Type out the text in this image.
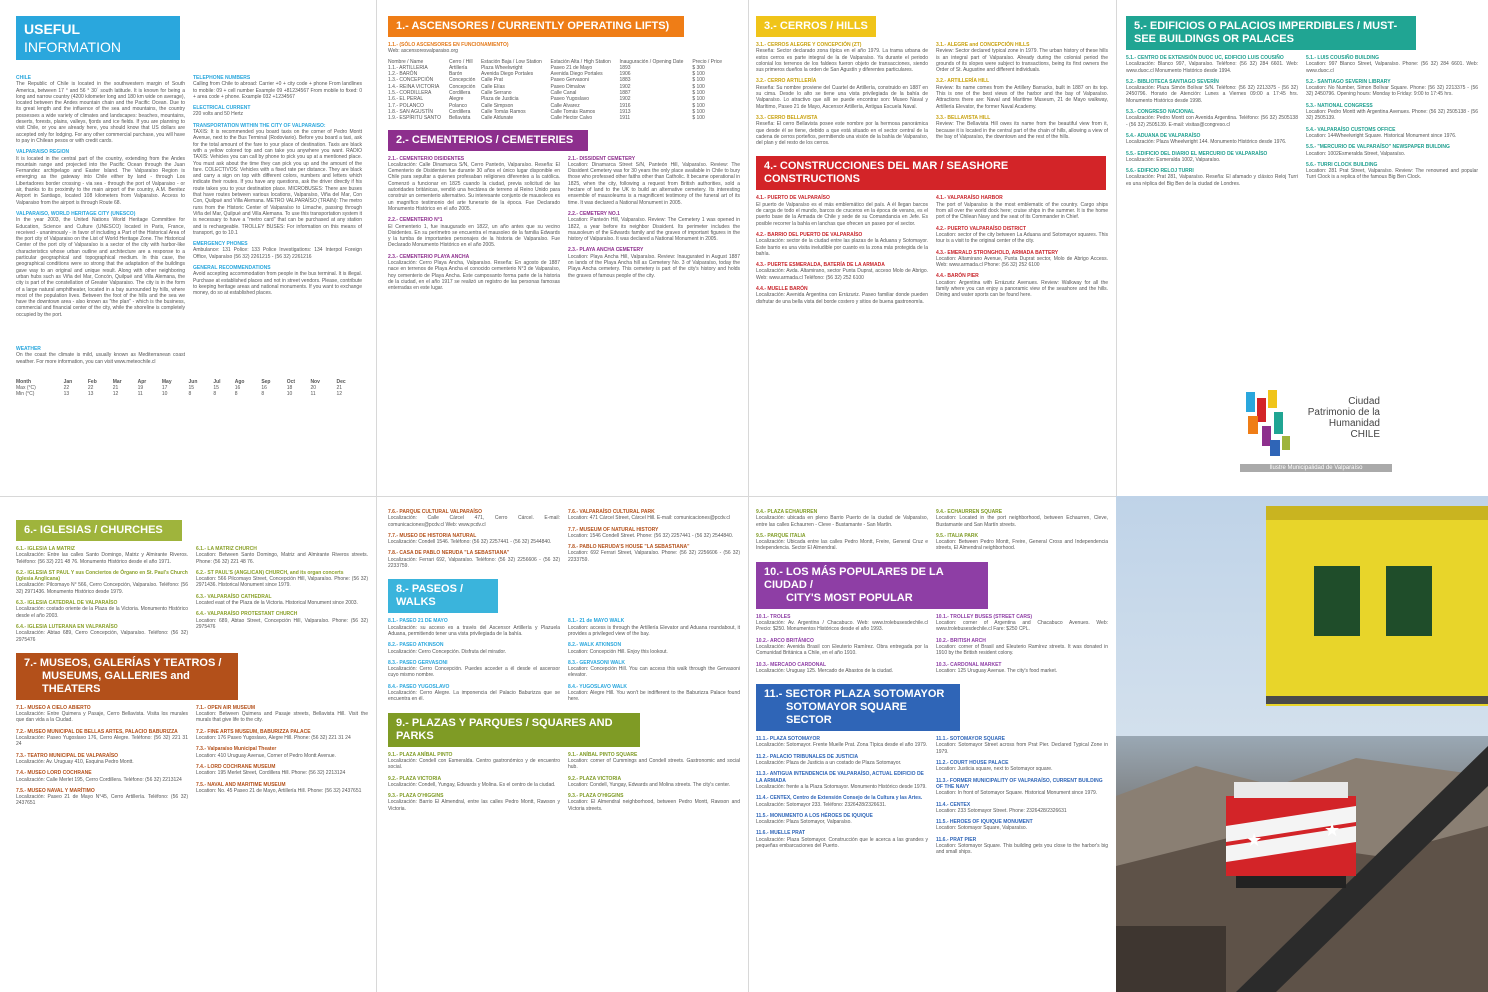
USEFUL INFORMATION
CHILE
The Republic of Chile is located in the southwestern margin of South America, between 17 ° and 56 ° 30´ south latitude. It is known for being a long and narrow country (4200 kilometer long and 180 km wide on average), located between the Andes mountain chain and the Pacific Ocean. Due to its great length and the influence of the sea and mountains, the country possesses a wide variety of climates and landscapes: beaches, mountains, deserts, forests, plains, valleys, fjords and ice fields. If you are planning to visit Chile, or you are already here, you should know that US dollars are accepted only for lodging. For any other commercial purchase, you will have to pay in Chilean pesos or with credit cards.
VALPARAISO REGION
It is located in the central part of the country, extending from the Andes mountain range and projected into the Pacific Ocean through the Juan Fernandez archipelago and Easter Island. The Valparaíso Region is emerging as the gateway into Chile either by land - through Los Libertadores border crossing - via sea - through the port of Valparaiso - or air, thanks to its proximity to the main airport of the country, A.M. Benitez Airport in Santiago, located 108 kilometers from Valparaíso. Access to Valparaiso from the airport is through Route 68.
VALPARAISO, WORLD HERITAGE CITY (UNESCO)
In the year 2003, the United Nations World Heritage Committee for Education, Science and Culture (UNESCO) located in Paris, France, received - unanimously - in favor of including a Part of the Historical Area of the port city of Valparaiso on the List of World Heritage Zone. The Historical Center of the port city of Valparaíso is a sector of the city with harbor-like characteristics whose urban outline and architecture are a response to a particular geographical and topographical medium. In this case, the geographical conditions were so strong that the adaptation of the buildings gave way to an original and unique result. Along with other neighboring urban hubs such as Viña del Mar, Concón, Quilpué and Villa Alemana, the city is part of the constellation of Greater Valparaiso. The city is in the form of a large natural amphitheater, located in a bay surrounded by hills, where most of the population lives. Between the foot of the hills and the sea we have the downtown area - also known as "the plan" - which is the business, commercial and financial center of the city, while the shoreline is completely occupied by the port.
WEATHER
On the coast the climate is mild, usually known as Mediterranean coast weather. For more information, you can visit www.meteochile.cl
TELEPHONE NUMBERS
Calling from Chile to abroad: Carrier +0 + city code + phone From landlines to mobile: 09 + cell number Example 09 +81234567 From mobile to fixed: 0 + area code + phone. Example 032 +1234567
ELECTRICAL CURRENT
220 volts and 50 Hertz
TRANSPORTATION WITHIN THE CITY OF VALPARAISO:
TAXIS: It is recommended you board taxis on the corner of Pedro Montt Avenue, next to the Bus Terminal (Rodoviario). Before you board a taxi, ask for the total amount of the fare to your place of destination. Taxis are black with a yellow colored top and can take you anywhere you want. RADIO TAXIS: Vehicles you can call by phone to pick you up at a mentioned place. You must ask about the time they can pick you up and the amount of the fare. COLECTIVOS: Vehicles with a fixed rate per distance. They are black and carry a sign on top with different colors, numbers and letters which indicate their routes. If you have any questions, ask the driver directly if his route takes you to your destination place. MICROBUSES: There are buses that have routes between various locations, Valparaíso, Viña del Mar, Con Con, Quilpué and Villa Alemana. METRO VALPARAÍSO (TRAIN): The metro runs from the Historic Center of Valparaíso to Limache, passing through Viña del Mar, Quilpué and Villa Alemana. To use this transportation system it is necessary to have a "metro card" that can be purchased at any station and is rechargeable. TROLLEY BUSES: For information on this means of transport, go to 10.1
EMERGENCY PHONES
Ambulance: 131 Police: 133 Police Investigations: 134 Interpol Foreign Office, Valparaíso (56 32) 2261215 - (56 32) 2261216
GENERAL RECOMMENDATIONS
Avoid accepting accommodation from people in the bus terminal. It is illegal. Purchase at established places and not in street vendors. Please, contribute to keeping heritage areas and national monuments. If you want to exchange money, do so at established places.
Month	Jan	Feb	Mar	Apr	May	Jun	Jul	Ago	Sep	Oct	Nov	Dec
Max (°C)	22	22	21	19	17	15	15	16	16	18	20	21
Min (°C)	13	13	12	11	10	8	8	8	8	10	11	12
1.- ASCENSORES / CURRENTLY OPERATING LIFTS)
1.1.- (SÓLO ASCENSORES EN FUNCIONAMIENTO)
Web: ascensoresvalparaiso.org
Nombre / Name	Cerro / Hill	Estación Baja / Low Station	Estación Alta / High Station	Inauguración / Opening Date	Precio / Price
1.1.- ARTILLERIA	Artillería	Plaza Wheelwright	Paseo 21 de Mayo	1893	$ 300
1.2.- BARÓN	Barón	Avenida Diego Portales	Avenida Diego Portales	1906	$ 100
1.3.- CONCEPCIÓN	Concepción	Calle Prat	Paseo Gervasoni	1883	$ 100
1.4.- REINA VICTORIA	Concepción	Calle Elías	Paseo Dimalow	1902	$ 100
1.5.- CORDILLERA	Cordillera	Calle Serrano	Calle Canal	1887	$ 100
1.6.- EL PERAL	Alegre	Plaza de Justicia	Paseo Yugoslavo	1902	$ 100
1.7.- POLANCO	Polanco	Calle Simpson	Calle Alvarez	1916	$ 100
1.8.- SAN AGUSTÍN	Cordillera	Calle Tomás Ramos	Calle Tomás Ramos	1913	$ 100
1.9.- ESPÍRITU SANTO	Bellavista	Calle Aldunate	Calle Hector Calvo	1911	$ 100
2.- CEMENTERIOS / CEMETERIES
2.1.- CEMENTERIO DISIDENTES
Localización: Calle Dinamarca S/N, Cerro Panteón, Valparaíso. Reseña: El Cementerio de Disidentes fue durante 30 años el único lugar disponible en Chile para sepultar a quienes profesaban religiones diferentes a la católica. Comenzó a funcionar en 1825 cuando la ciudad, previa solicitud de las autoridades británicas, vendió una hectárea de terreno al Reino Unido para construir un cementerio alternativo. Su interesante conjunto de mausoleos es un magnífico testimonio del arte funerario de la época. Fue Declarado Monumento Histórico en el año 2005.
2.2.- CEMENTERIO N°1
El Cementerio 1, fue inaugurado en 1822, un año antes que su vecino Disidentes. En su perímetro se encuentra el mausoleo de la familia Edwards y la tumba de importantes personajes de la historia de Valparaíso. Fue Declarado Monumento Histórico en el año 2005.
2.3.- CEMENTERIO PLAYA ANCHA
Localización: Cerro Playa Ancha, Valparaíso. Reseña: En agosto de 1887 nace en terrenos de Playa Ancha el conocido cementerio N°3 de Valparaíso, hoy cementerio de Playa Ancha. Este camposanto forma parte de la historia de la ciudad, en el año 1917 se realizó un registro de las personas famosas enterradas en este lugar.
2.1.- DISSIDENT CEMETERY
Location: Dinamarca Street S/N, Panteón Hill, Valparaíso. Review: The Dissident Cemetery was for 30 years the only place available in Chile to bury those who professed other faiths other than Catholic. It became operational in 1825, when the city, following a request from British authorities, sold a hectare of land to the UK to build an alternative cemetery. Its interesting ensemble of mausoleums is a magnificent testimony of the funeral art of its time. It was declared a National Monument in 2005.
2.2.- CEMETERY NO.1
Location: Panteón Hill, Valparaíso. Review: The Cemetery 1 was opened in 1822, a year before its neighbor Dissident. Its perimeter includes the mausoleum of the Edwards family and the graves of important figures in the history of Valparaíso. It was declared a National Monument in 2005.
2.3.- PLAYA ANCHA CEMETERY
Location: Playa Ancha Hill, Valparaíso. Review: Inaugurated in August 1887 on lands of the Playa Ancha hill as Cemetery No. 3 of Valparaíso, today the Playa Ancha cemetery. This cemetery is part of the city's history and holds the graves of famous people of the city.
3.- CERROS / HILLS
3.1.- CERROS ALEGRE Y CONCEPCIÓN (ZT)
Reseña: Sector declarado zona típica en el año 1979. La trama urbana de estos cerros es parte integral de la de Valparaíso. Ya durante el periodo colonial los terrenos de los faldeos fueron objeto de transacciones, siendo sus primeros dueños la orden de San Agustín y diferentes particulares.
3.2.- CERRO ARTILLERÍA
Reseña: Su nombre proviene del Cuartel de Artillería, construido en 1887 en su cima. Desde lo alto se tiene una vista privilegiada de la bahía de Valparaíso. Lo atractivo que allí se puede encontrar son: Museo Naval y Marítimo, Paseo 21 de Mayo, Ascensor Artillería, Antigua Escuela Naval.
3.3.- CERRO BELLAVISTA
Reseña: El cerro Bellavista posee este nombre por la hermosa panorámica que desde él se tiene, debido a que está situado en el sector central de la cadena de cerros porteños, permitiendo una visión de la bahía de Valparaíso, del plan y del resto de los cerros.
3.1.- ALEGRE and CONCEPCIÓN HILLS
Review: Sector declared typical zone in 1979. The urban history of these hills is an integral part of Valparaíso. Already during the colonial period the grounds of its slopes were subject to transactions, being its first owners the Order of St. Augustine and different individuals.
3.2.- ARTILLERÍA HILL
Review: Its name comes from the Artillery Barracks, built in 1887 on its top. This is one of the best views of the harbor and the bay of Valparaíso. Attractions there are: Naval and Maritime Museum, 21 de Mayo walkway, Artillería Elevator, the former Naval Academy.
3.3.- BELLAVISTA HILL
Review: The Bellavista Hill owes its name from the beautiful view from it, because it is located in the central part of the chain of hills, allowing a view of the bay of Valparaíso, the downtown and the rest of the hills.
4.- CONSTRUCCIONES DEL MAR / SEASHORE CONSTRUCTIONS
4.1.- PUERTO DE VALPARAÍSO
El puerto de Valparaíso es el más emblemático del país. A él llegan barcos de carga de todo el mundo, barcos de cruceros en la época de verano, es el puerto base de la Armada de Chile y sede de su Comandancia en Jefe. Es posible recorrer la bahía en lanchas que ofrecen un paseo por el sector.
4.2.- BARRIO DEL PUERTO DE VALPARAÍSO
Localización: sector de la ciudad entre las plazas de la Aduana y Sotomayor. Este barrio es una visita ineludible por cuanto es la zona más protegida de la bahía.
4.3.- PUERTE ESMERALDA, BATERÍA DE LA ARMADA
Localización: Avda. Altamirano, sector Punta Duprat, acceso Molo de Abrigo. Web: www.armada.cl Teléfono: (56 32) 252 6100
4.4.- MUELLE BARÓN
Localización: Avenida Argentina con Errázuriz. Paseo familiar donde pueden disfrutar de una bella vista del borde costero y sitios de buena gastronomía.
4.1.- VALPARAÍSO HARBOR
The port of Valparaíso is the most emblematic of the country. Cargo ships from all over the world dock here; cruise ships in the summer. It is the home port of the Chilean Navy and the seat of its Commander in Chief.
4.2.- PUERTO VALPARAÍSO DISTRICT
Location: sector of the city between La Aduana and Sotomayor squares. This tour is a visit to the original center of the city.
4.3.- EMERALD STRONGHOLD, ARMADA BATTERY
Location: Altamirano Avenue, Punta Duprat sector, Molo de Abrigo Access. Web: www.armada.cl Phone: (56 32) 252 6100
4.4.- BARÓN PIER
Location: Argentina with Errázuriz Avenues. Review: Walkway for all the family where you can enjoy a panoramic view of the seashore and the hills. Dining and water sports can be found here.
5.- EDIFICIOS O PALACIOS IMPERDIBLES / MUST-SEE BUILDINGS OR PALACES
5.1.- CENTRO DE EXTENSIÓN DUOC UC, EDIFICIO LUIS COUSIÑO
Localización: Blanco 997, Valparaíso. Teléfono: (56 32) 284 6601. Web: www.duoc.cl Monumento Histórico desde 1994.
5.2.- BIBLIOTECA SANTIAGO SEVERÍN
Localización: Plaza Simón Bolívar S/N. Teléfono: (56 32) 2213375 - (56 32) 2450796. Horario de Atención: Lunes a Viernes 09:00 a 17:45 hrs. Monumento Histórico desde 1998.
5.3.- CONGRESO NACIONAL
Localización: Pedro Montt con Avenida Argentina. Teléfono: (56 32) 2505138 - (56 32) 2505139. E-mail: visitas@congreso.cl
5.4.- ADUANA DE VALPARAÍSO
Localización: Plaza Wheelwright 144. Monumento Histórico desde 1976.
5.5.- EDIFICIO DEL DIARIO EL MERCURIO DE VALPARAÍSO
Localización: Esmeralda 1002, Valparaíso.
5.6.- EDIFICIO RELOJ TURRI
Localización: Prat 281, Valparaíso. Reseña: El afamado y clásico Reloj Turri es una réplica del Big Ben de la ciudad de Londres.
5.1.- LUIS COUSIÑO BUILDING
Location: 997 Blanco Street, Valparaíso. Phone: (56 32) 284 6601. Web: www.duoc.cl
5.2.- SANTIAGO SEVERIN LIBRARY
Location: No Number, Simon Bolívar Square. Phone: (56 32) 2213375 - (56 32) 2450796. Opening hours: Monday to Friday: 9:00 to 17:45 hrs.
5.3.- NATIONAL CONGRESS
Location: Pedro Montt with Argentina Avenues. Phone: (56 32) 2505138 - (56 32) 2505139.
5.4.- VALPARAÍSO CUSTOMS OFFICE
Location: 144Wheelwright Square. Historical Monument since 1976.
5.5.- "MERCURIO DE VALPARAÍSO" NEWSPAPER BUILDING
Location: 1002Esmeralda Street, Valparaíso.
5.6.- TURRI CLOCK BUILDING
Location: 281 Prat Street, Valparaíso. Review: The renowned and popular Turri Clock is a replica of the famous Big Ben Clock.
Ciudad Patrimonio de la Humanidad CHILE
Ilustre Municipalidad de Valparaíso
6.- IGLESIAS / CHURCHES
6.1.- IGLESIA LA MATRIZ
Localización: Entre las calles Santo Domingo, Matriz y Almirante Riveros. Teléfono: (56 32) 221 48 76. Monumento Histórico desde el año 1971.
6.2.- IGLESIA ST PAUL Y sus Conciertos de Órgano en St. Paul's Church (Iglesia Anglicana)
Localización: Pilcomayo N° 566, Cerro Concepción, Valparaíso. Teléfono: (56 32) 2971436. Monumento Histórico desde 1979.
6.3.- IGLESIA CATEDRAL DE VALPARAÍSO
Localización: costado oriente de la Plaza de la Victoria. Monumento Histórico desde el año 2003.
6.4.- IGLESIA LUTERANA EN VALPARAÍSO
Localización: Abtao 689, Cerro Concepción, Valparaíso. Teléfono: (56 32) 2975476
6.1.- LA MATRIZ CHURCH
Location: Between Santo Domingo, Matriz and Almirante Riveros streets. Phone: (56 32) 221 48 76.
6.2.- ST PAUL'S (ANGLICAN) CHURCH, and its organ concerts
Location: 566 Pilcomayo Street, Concepción Hill, Valparaíso. Phone: (56 32) 2971436. Historical Monument since 1979.
6.3.- VALPARAÍSO CATHEDRAL
Located east of the Plaza de la Victoria. Historical Monument since 2003.
6.4.- VALPARAÍSO PROTESTANT CHURCH
Location: 689, Abtao Street, Concepción Hill, Valparaíso. Phone: (56 32) 2975476
7.- MUSEOS, GALERÍAS Y TEATROS /
MUSEUMS, GALLERIES and THEATERS
7.1.- MUSEO A CIELO ABIERTO
Localización: Entre Quimera y Pasaje, Cerro Bellavista. Visita los murales que dan vida a la Ciudad.
7.2.- MUSEO MUNICIPAL DE BELLAS ARTES, PALACIO BABURIZZA
Localización: Paseo Yugoslavo 176, Cerro Alegre. Teléfono: (56 32) 221 31 24
7.3.- TEATRO MUNICIPAL DE VALPARAÍSO
Localización: Av. Uruguay 410, Esquina Pedro Montt.
7.4.- MUSEO LORD COCHRANE
Localización: Calle Merlet 195, Cerro Cordillera. Teléfono: (56 32) 2213124
7.5.- MUSEO NAVAL Y MARÍTIMO
Localización: Paseo 21 de Mayo N°45, Cerro Artillería. Teléfono: (56 32) 2437651
7.1.- OPEN AIR MUSEUM
Location: Between Quimera and Pasaje streets, Bellavista Hill. Visit the murals that give life to the city.
7.2.- FINE ARTS MUSEUM, BABURIZZA PALACE
Location: 176 Paseo Yugoslavo, Alegre Hill. Phone: (56 32) 221 31 24
7.3.- Valparaíso Municipal Theater
Location: 410 Uruguay Avenue, Corner of Pedro Montt Avenue.
7.4.- LORD COCHRANE MUSEUM
Location: 195 Merlet Street, Cordillera Hill. Phone: (56 32) 2213124
7.5.- NAVAL AND MARITIME MUSEUM
Location: No. 45 Paseo 21 de Mayo, Artillería Hill. Phone: (56 32) 2437651
7.6.- PARQUE CULTURAL VALPARAÍSO
Localización: Calle Cárcel 471, Cerro Cárcel. E-mail: comunicaciones@pcdv.cl Web: www.pcdv.cl
7.7.- MUSEO DE HISTORIA NATURAL
Localización: Condell 1546. Teléfono: (56 32) 2257441 - (56 32) 2544840.
7.8.- CASA DE PABLO NERUDA "LA SEBASTIANA"
Localización: Ferrari 692, Valparaíso. Teléfono: (56 32) 2256606 - (56 32) 2233759.
7.6.- VALPARAÍSO CULTURAL PARK
Location: 471 Cárcel Street, Cárcel Hill. E-mail: comunicaciones@pcdv.cl
7.7.- MUSEUM OF NATURAL HISTORY
Location: 1546 Condell Street. Phone: (56 32) 2257441 - (56 32) 2544840.
7.8.- PABLO NERUDA'S HOUSE "LA SEBASTIANA"
Location: 692 Ferrari Street, Valparaíso. Phone: (56 32) 2256606 - (56 32) 2233759.
8.- PASEOS / WALKS
8.1.- PASEO 21 DE MAYO
Localización: su acceso es a través del Ascensor Artillería y Plazuela Aduana, permitiendo tener una vista privilegiada de la bahía.
8.2.- PASEO ATKINSON
Localización: Cerro Concepción. Disfruta del mirador.
8.3.- PASEO GERVASONI
Localización: Cerro Concepción. Puedes acceder a él desde el ascensor cuyo mismo nombre.
8.4.- PASEO YUGOSLAVO
Localización: Cerro Alegre. La imponencia del Palacio Baburizza que se encuentra en él.
8.1.- 21 de MAYO WALK
Location: access is through the Artillería Elevator and Aduana roundabout, it provides a privileged view of the bay.
8.2.- WALK ATKINSON
Location: Concepción Hill. Enjoy this lookout.
8.3.- GERVASONI WALK
Location: Concepción Hill. You can access this walk through the Gervasoni elevator.
8.4.- YUGOSLAVO WALK
Location: Alegre Hill. You won't be indifferent to the Baburizza Palace found here.
9.- PLAZAS Y PARQUES / SQUARES AND PARKS
9.1.- PLAZA ANÍBAL PINTO
Localización: Condell con Esmeralda. Centro gastronómico y de encuentro social.
9.2.- PLAZA VICTORIA
Localización: Condell, Yungay, Edwards y Molina. Es el centro de la ciudad.
9.3.- PLAZA O'HIGGINS
Localización: Barrio El Almendral, entre las calles Pedro Montt, Rawson y Victoria.
9.1.- ANÍBAL PINTO SQUARE
Location: corner of Cummings and Condell streets. Gastronomic and social hub.
9.2.- PLAZA VICTORIA
Location: Condell, Yungay, Edwards and Molina streets. The city's center.
9.3.- PLAZA O'HIGGINS
Location: El Almendral neighborhood, between Pedro Montt, Rawson and Victoria streets.
9.4.- PLAZA ECHAURREN
Localización: ubicada en pleno Barrio Puerto de la ciudad de Valparaíso, entre las calles Echaurren - Cleve - Bustamante - San Martín.
9.5.- PARQUE ITALIA
Localización: Ubicada entre las calles Pedro Montt, Freire, General Cruz e Independencia. Sector El Almendral.
9.4.- ECHAURREN SQUARE
Location: Located in the port neighborhood, between Echaurren, Cleve, Bustamante and San Martín streets.
9.5.- ITALIA PARK
Location: Between Pedro Montt, Freire, General Cross and Independencia streets, El Almendral neighborhood.
10.- LOS MÁS POPULARES DE LA CIUDAD /
CITY'S MOST POPULAR
10.1.- TROLES
Localización: Av. Argentina / Chacabuco. Web: www.trolebusesdechile.cl Precio: $250. Monumentos Históricos desde el año 1993.
10.2.- ARCO BRITÁNICO
Localización: Avenida Brasil con Eleuterio Ramírez. Obra entregada por la Comunidad Británica a Chile, en el año 1910.
10.3.- MERCADO CARDONAL
Localización: Uruguay 125. Mercado de Abastos de la ciudad.
10.1.- TROLLEY BUSES (STREET CARS)
Location: corner of Argentina and Chacabuco Avenues. Web: www.trolebusesdechile.cl Fare: $250 CPL.
10.2.- BRITISH ARCH
Location: corner of Brasil and Eleuterio Ramírez streets. It was donated in 1910 by the British resident colony.
10.3.- CARDONAL MARKET
Location: 125 Uruguay Avenue. The city's food market.
11.- SECTOR PLAZA SOTOMAYOR
SOTOMAYOR SQUARE SECTOR
11.1.- PLAZA SOTOMAYOR
Localización: Sotomayor. Frente Muelle Prat. Zona Típica desde el año 1979.
11.2.- PALACIO TRIBUNALES DE JUSTICIA
Localización: Plaza de Justicia a un costado de Plaza Sotomayor.
11.3.- ANTIGUA INTENDENCIA DE VALPARAÍSO, ACTUAL EDIFICIO DE LA ARMADA
Localización: frente a la Plaza Sotomayor. Monumento Histórico desde 1979.
11.4.- CENTEX, Centro de Extensión Consejo de la Cultura y las Artes.
Localización: Sotomayor 233. Teléfono: 2326428/2326631.
11.5.- MONUMENTO A LOS HÉROES DE IQUIQUE
Localización: Plaza Sotomayor, Valparaíso.
11.6.- MUELLE PRAT
Localización: Plaza Sotomayor. Construcción que le acerca a las grandes y pequeñas embarcaciones del Puerto.
11.1.- SOTOMAYOR SQUARE
Location: Sotomayor Street across from Prat Pier. Declared Typical Zone in 1979.
11.2.- COURT HOUSE PALACE
Location: Justicia square, next to Sotomayor square.
11.3.- FORMER MUNICIPALITY OF VALPARAÍSO, CURRENT BUILDING OF THE NAVY
Location: In front of Sotomayor Square. Historical Monument since 1979.
11.4.- CENTEX
Location: 233 Sotomayor Street. Phone: 2326428/2326631
11.5.- HEROES OF IQUIQUE MONUMENT
Location: Sotomayor Square, Valparaíso.
11.6.- PRAT PIER
Location: Sotomayor Square. This building gets you close to the harbor's big and small ships.
★	★
